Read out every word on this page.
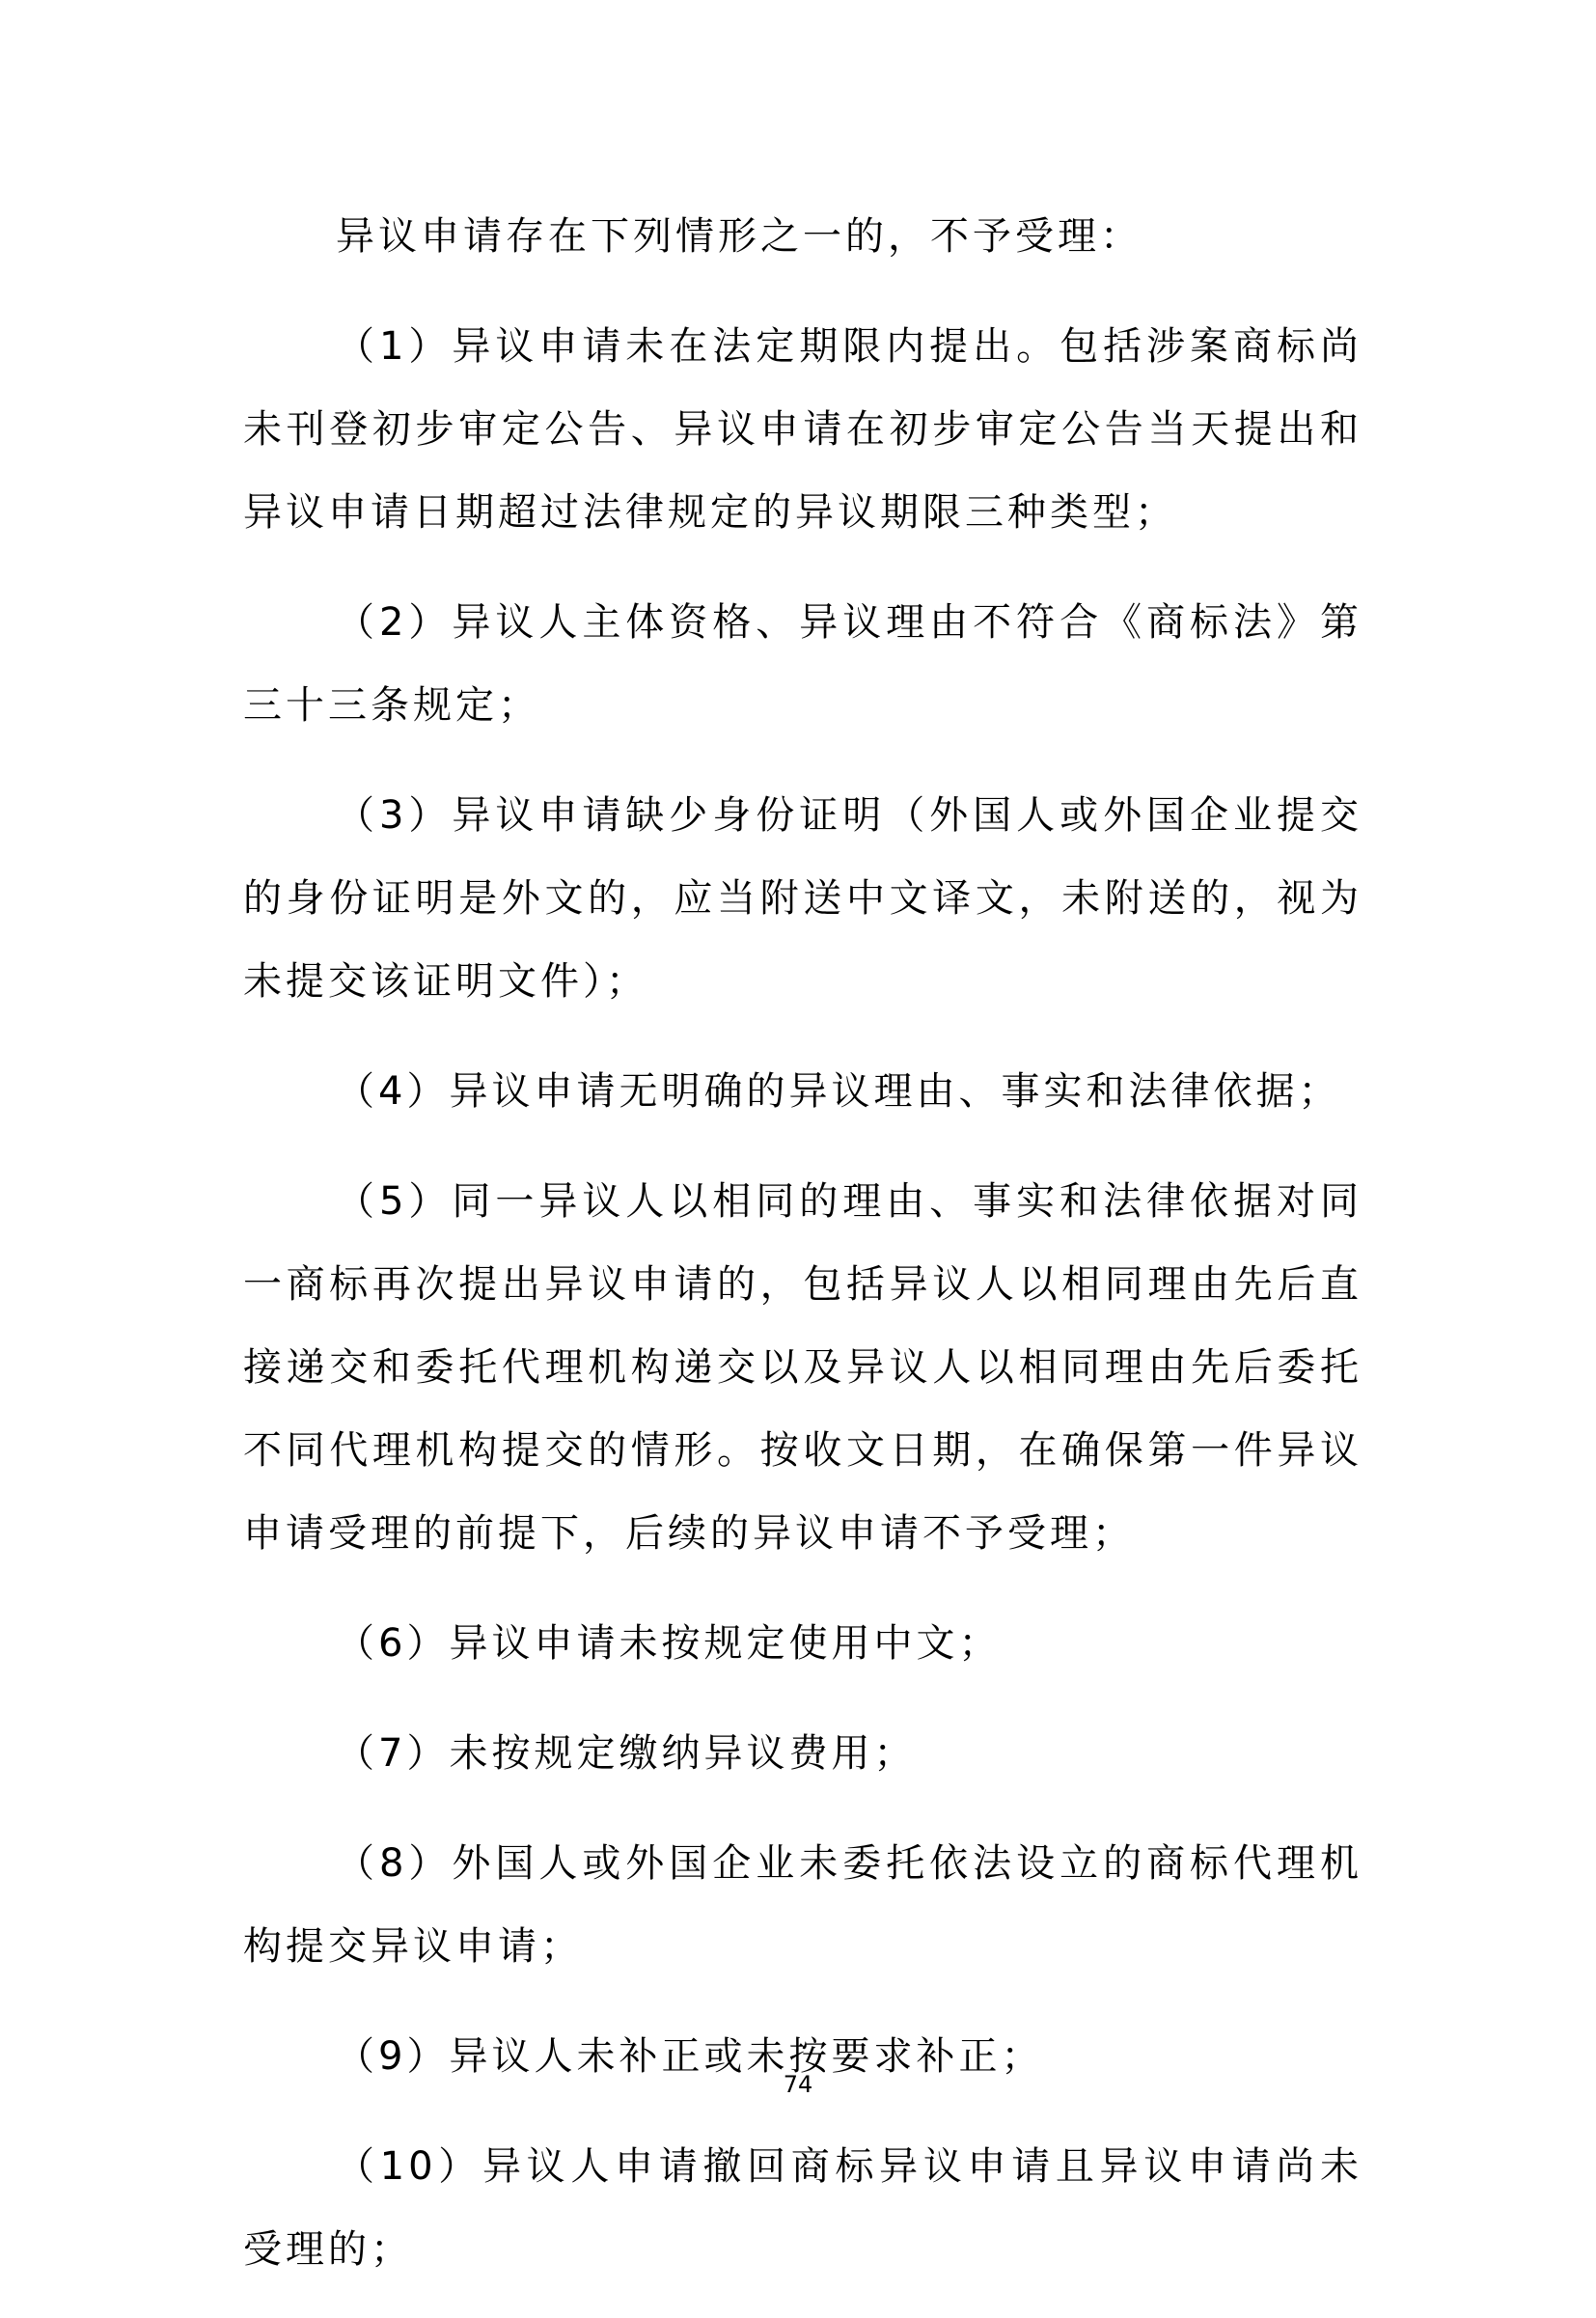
异议申请存在下列情形之一的，不予受理：

（1）异议申请未在法定期限内提出。包括涉案商标尚未刊登初步审定公告、异议申请在初步审定公告当天提出和异议申请日期超过法律规定的异议期限三种类型；

（2）异议人主体资格、异议理由不符合《商标法》第三十三条规定；

（3）异议申请缺少身份证明（外国人或外国企业提交的身份证明是外文的，应当附送中文译文，未附送的，视为未提交该证明文件）；

（4）异议申请无明确的异议理由、事实和法律依据；

（5）同一异议人以相同的理由、事实和法律依据对同一商标再次提出异议申请的，包括异议人以相同理由先后直接递交和委托代理机构递交以及异议人以相同理由先后委托不同代理机构提交的情形。按收文日期，在确保第一件异议申请受理的前提下，后续的异议申请不予受理；

（6）异议申请未按规定使用中文；

（7）未按规定缴纳异议费用；

（8）外国人或外国企业未委托依法设立的商标代理机构提交异议申请；

（9）异议人未补正或未按要求补正；

（10）异议人申请撤回商标异议申请且异议申请尚未受理的；

74
